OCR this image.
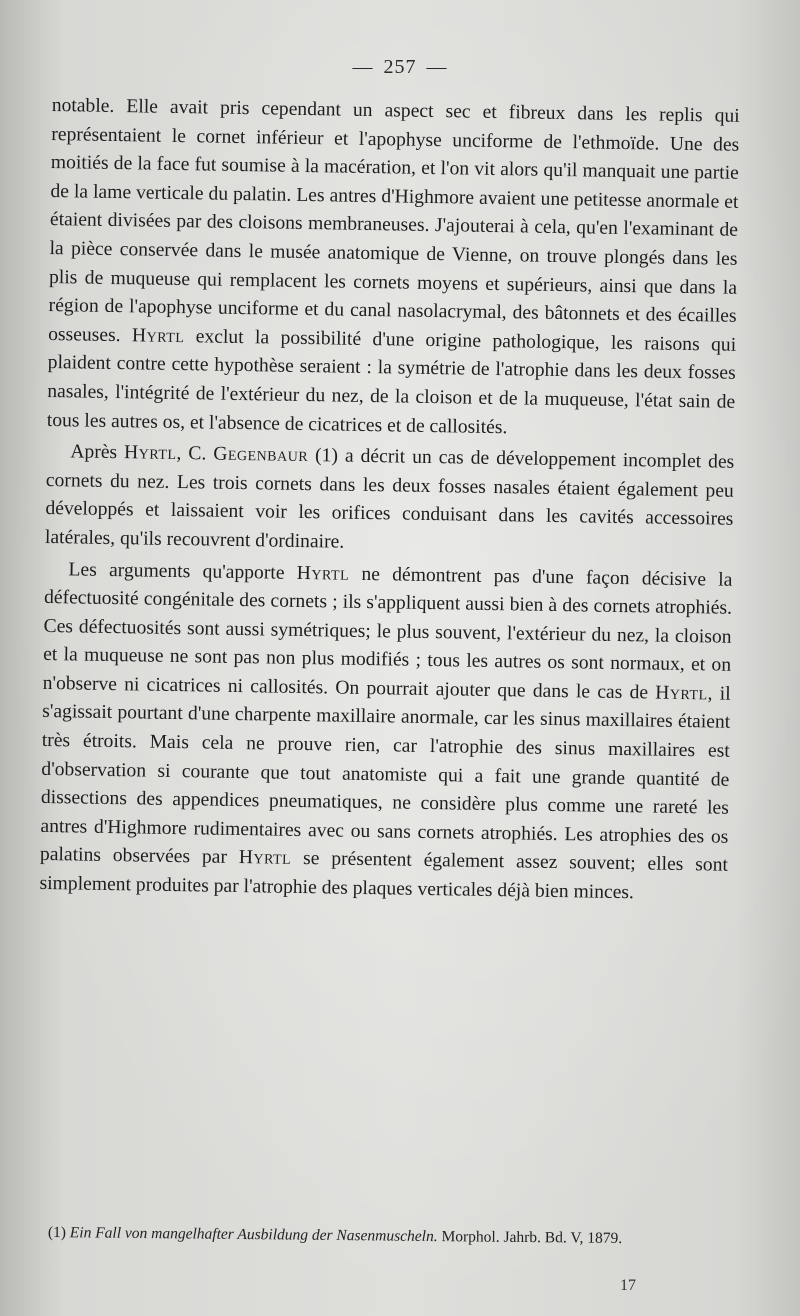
— 257 —

notable. Elle avait pris cependant un aspect sec et fibreux dans les replis qui représentaient le cornet inférieur et l'apophyse unciforme de l'ethmoïde. Une des moitiés de la face fut soumise à la macération, et l'on vit alors qu'il manquait une partie de la lame verticale du palatin. Les antres d'Highmore avaient une petitesse anormale et étaient divisées par des cloisons membraneuses. J'ajouterai à cela, qu'en l'examinant de la pièce conservée dans le musée anatomique de Vienne, on trouve plongés dans les plis de muqueuse qui remplacent les cornets moyens et supérieurs, ainsi que dans la région de l'apophyse unciforme et du canal nasolacrymal, des bâtonnets et des écailles osseuses. Hyrtl exclut la possibilité d'une origine pathologique, les raisons qui plaident contre cette hypothèse seraient : la symétrie de l'atrophie dans les deux fosses nasales, l'intégrité de l'extérieur du nez, de la cloison et de la muqueuse, l'état sain de tous les autres os, et l'absence de cicatrices et de callosités.

Après Hyrtl, C. Gegenbaur (1) a décrit un cas de développement incomplet des cornets du nez. Les trois cornets dans les deux fosses nasales étaient également peu développés et laissaient voir les orifices conduisant dans les cavités accessoires latérales, qu'ils recouvrent d'ordinaire.

Les arguments qu'apporte Hyrtl ne démontrent pas d'une façon décisive la défectuosité congénitale des cornets ; ils s'appliquent aussi bien à des cornets atrophiés. Ces défectuosités sont aussi symétriques; le plus souvent, l'extérieur du nez, la cloison et la muqueuse ne sont pas non plus modifiés ; tous les autres os sont normaux, et on n'observe ni cicatrices ni callosités. On pourrait ajouter que dans le cas de Hyrtl, il s'agissait pourtant d'une charpente maxillaire anormale, car les sinus maxillaires étaient très étroits. Mais cela ne prouve rien, car l'atrophie des sinus maxillaires est d'observation si courante que tout anatomiste qui a fait une grande quantité de dissections des appendices pneumatiques, ne considère plus comme une rareté les antres d'Highmore rudimentaires avec ou sans cornets atrophiés. Les atrophies des os palatins observées par Hyrtl se présentent également assez souvent; elles sont simplement produites par l'atrophie des plaques verticales déjà bien minces.

(1) Ein Fall von mangelhafter Ausbildung der Nasenmuscheln. Morphol. Jahrb. Bd. V, 1879.
17
